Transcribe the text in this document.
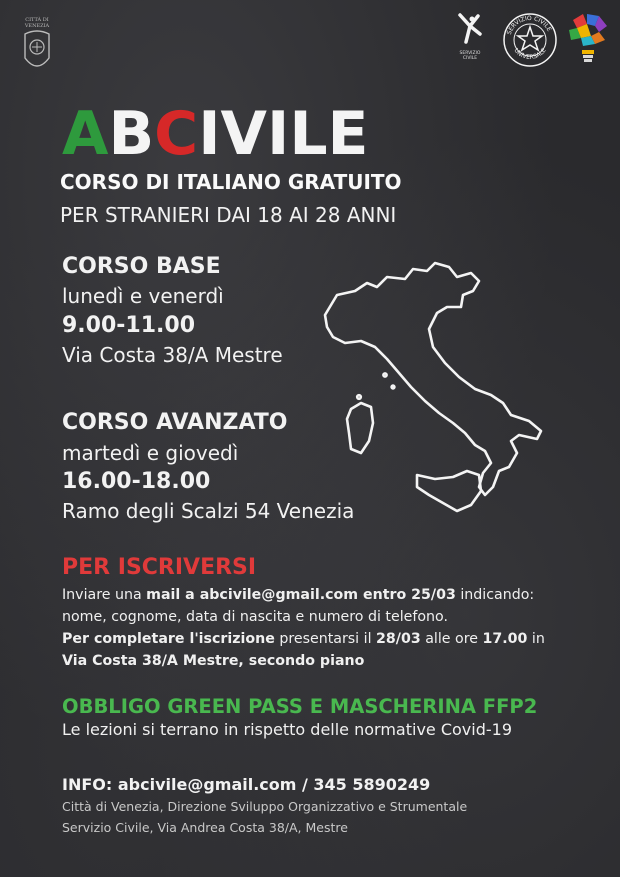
CITTÀ DI
VENEZIA
SERVIZIO
CIVILE
SERVIZIO CIVILE
UNIVERSALE
ABCIVILE
CORSO DI ITALIANO GRATUITO
PER STRANIERI DAI 18 AI 28 ANNI
CORSO BASE
lunedì e venerdì
9.00-11.00
Via Costa 38/A Mestre
CORSO AVANZATO
martedì e giovedì
16.00-18.00
Ramo degli Scalzi 54 Venezia
PER ISCRIVERSI
Inviare una mail a abcivile@gmail.com entro 25/03 indicando:
nome, cognome, data di nascita e numero di telefono.
Per completare l'iscrizione presentarsi il 28/03 alle ore 17.00 in
Via Costa 38/A Mestre, secondo piano
OBBLIGO GREEN PASS E MASCHERINA FFP2
Le lezioni si terrano in rispetto delle normative Covid-19
INFO: abcivile@gmail.com / 345 5890249
Città di Venezia, Direzione Sviluppo Organizzativo e Strumentale
Servizio Civile, Via Andrea Costa 38/A, Mestre
